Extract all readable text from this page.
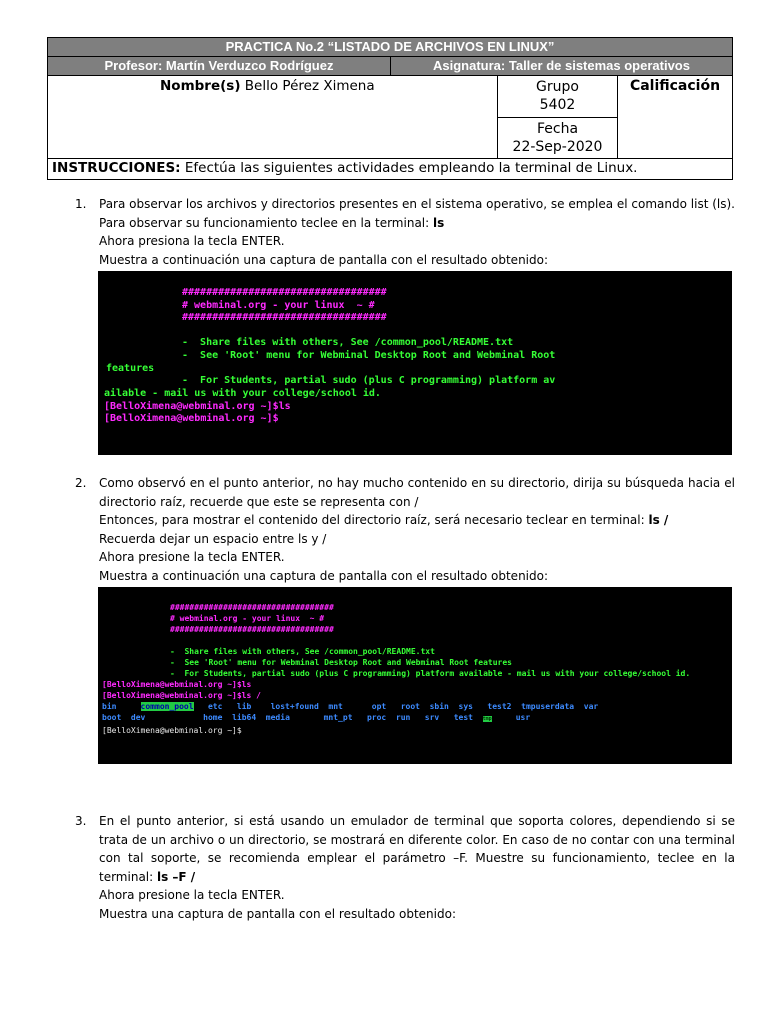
PRACTICA No.2 “LISTADO DE ARCHIVOS EN LINUX”
Profesor: Martín Verduzco Rodríguez	Asignatura: Taller de sistemas operativos
Nombre(s) Bello Pérez Ximena	Grupo
5402
Fecha
22-Sep-2020
Calificación
INSTRUCCIONES: Efectúa las siguientes actividades empleando la terminal de Linux.
1. Para observar los archivos y directorios presentes en el sistema operativo, se emplea el comando list (ls). Para observar su funcionamiento teclee en la terminal: ls
Ahora presiona la tecla ENTER.
Muestra a continuación una captura de pantalla con el resultado obtenido:
##################################
# webminal.org - your linux  ~ #
##################################
-  Share files with others, See /common_pool/README.txt
-  See 'Root' menu for Webminal Desktop Root and Webminal Root
features
-  For Students, partial sudo (plus C programming) platform av
ailable - mail us with your college/school id.
[BelloXimena@webminal.org ~]$ls
[BelloXimena@webminal.org ~]$
2. Como observó en el punto anterior, no hay mucho contenido en su directorio, dirija su búsqueda hacia el directorio raíz, recuerde que este se representa con /
Entonces, para mostrar el contenido del directorio raíz, será necesario teclear en terminal: ls /
Recuerda dejar un espacio entre ls y /
Ahora presione la tecla ENTER.
Muestra a continuación una captura de pantalla con el resultado obtenido:
##################################
# webminal.org - your linux  ~ #
##################################
-  Share files with others, See /common_pool/README.txt
-  See 'Root' menu for Webminal Desktop Root and Webminal Root features
-  For Students, partial sudo (plus C programming) platform available - mail us with your college/school id.
[BelloXimena@webminal.org ~]$ls
[BelloXimena@webminal.org ~]$ls /
bin	common_pool etc lib lost+found mnt	opt root sbin sys test2 tmpuserdata var
boot dev	home lib64 media	mnt_pt proc run srv test tmp	usr
[BelloXimena@webminal.org ~]$
3. En el punto anterior, si está usando un emulador de terminal que soporta colores, dependiendo si se trata de un archivo o un directorio, se mostrará en diferente color. En caso de no contar con una terminal con tal soporte, se recomienda emplear el parámetro –F. Muestre su funcionamiento, teclee en la terminal: ls –F /
Ahora presione la tecla ENTER.
Muestra una captura de pantalla con el resultado obtenido:
